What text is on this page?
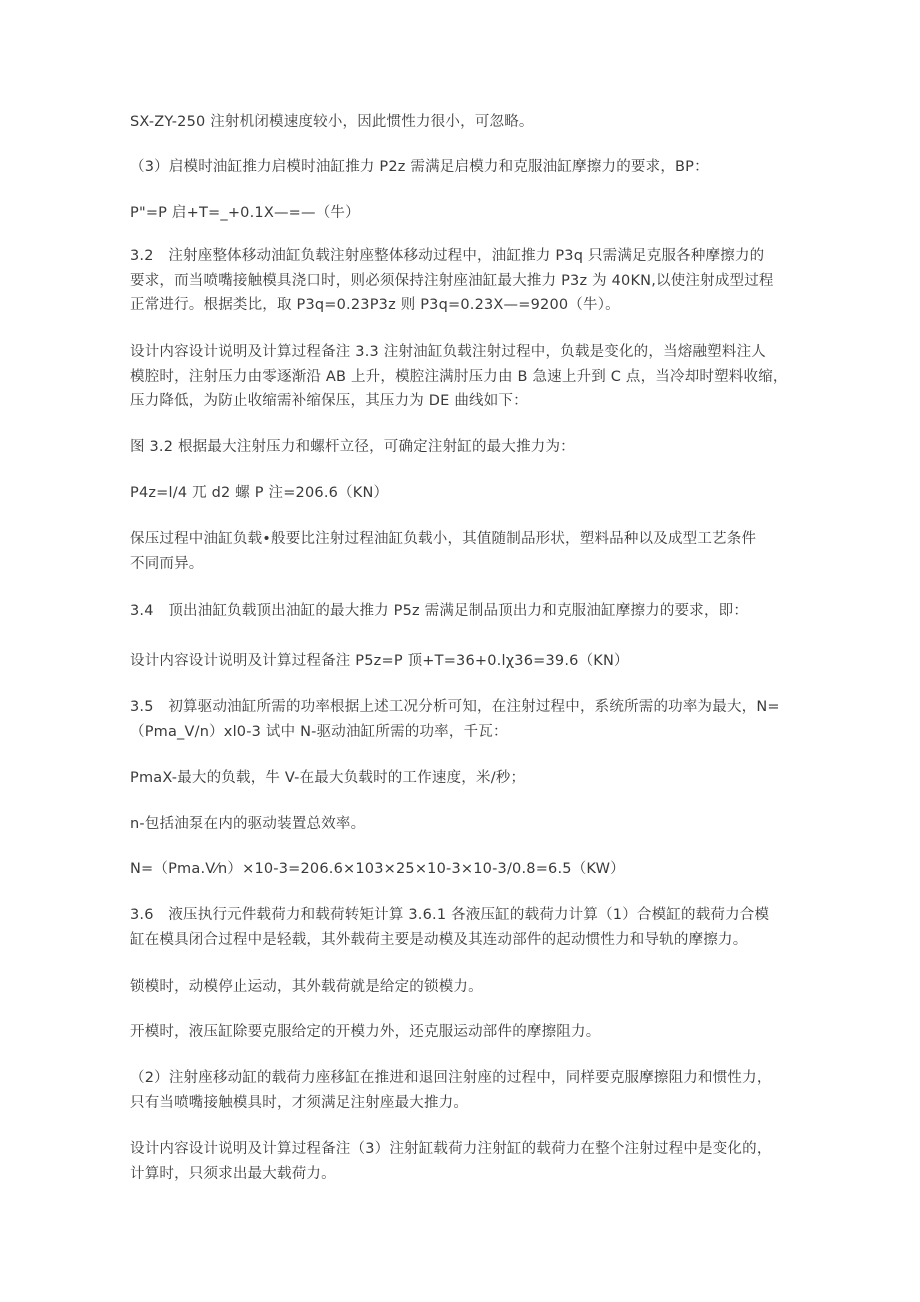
SX-ZY-250 注射机闭模速度较小，因此惯性力很小，可忽略。
（3）启模时油缸推力启模时油缸推力 P2z 需满足启模力和克服油缸摩擦力的要求，BP：
P"=P 启+T=_+0.1X—=—（牛）
3.2　注射座整体移动油缸负载注射座整体移动过程中，油缸推力 P3q 只需满足克服各种摩擦力的
要求，而当喷嘴接触模具浇口时，则必须保持注射座油缸最大推力 P3z 为 40KN,以使注射成型过程
正常进行。根据类比，取 P3q=0.23P3z 则 P3q=0.23X—=9200（牛）。
设计内容设计说明及计算过程备注 3.3 注射油缸负载注射过程中，负载是变化的，当熔融塑料注人
模腔时，注射压力由零逐渐沿 AB 上升，模腔注满肘压力由 B 急速上升到 C 点，当冷却时塑料收缩，
压力降低，为防止收缩需补缩保压，其压力为 DE 曲线如下：
图 3.2 根据最大注射压力和螺杆立径，可确定注射缸的最大推力为：
P4z=l/4 兀 d2 螺 P 注=206.6（KN）
保压过程中油缸负载•般要比注射过程油缸负载小，其值随制品形状，塑料品种以及成型工艺条件
不同而异。
3.4　顶出油缸负载顶出油缸的最大推力 P5z 需满足制品顶出力和克服油缸摩擦力的要求，即：
设计内容设计说明及计算过程备注 P5z=P 顶+T=36+0.lχ36=39.6（KN）
3.5　初算驱动油缸所需的功率根据上述工况分析可知，在注射过程中，系统所需的功率为最大，N=
（Pma_V/n）xl0-3 试中 N-驱动油缸所需的功率，千瓦：
PmaX-最大的负载，牛 V-在最大负载时的工作速度，米/秒；
n-包括油泵在内的驱动装置总效率。
N=（Pma.V⁄n）×10-3=206.6×103×25×10-3×10-3/0.8=6.5（KW）
3.6　液压执行元件载荷力和载荷转矩计算 3.6.1 各液压缸的载荷力计算（1）合模缸的载荷力合模
缸在模具闭合过程中是轻载，其外载荷主要是动模及其连动部件的起动惯性力和导轨的摩擦力。
锁模时，动模停止运动，其外载荷就是给定的锁模力。
开模时，液压缸除要克服给定的开模力外，还克服运动部件的摩擦阻力。
（2）注射座移动缸的载荷力座移缸在推进和退回注射座的过程中，同样要克服摩擦阻力和惯性力，
只有当喷嘴接触模具时，才须满足注射座最大推力。
设计内容设计说明及计算过程备注（3）注射缸载荷力注射缸的载荷力在整个注射过程中是变化的，
计算时，只须求出最大载荷力。
